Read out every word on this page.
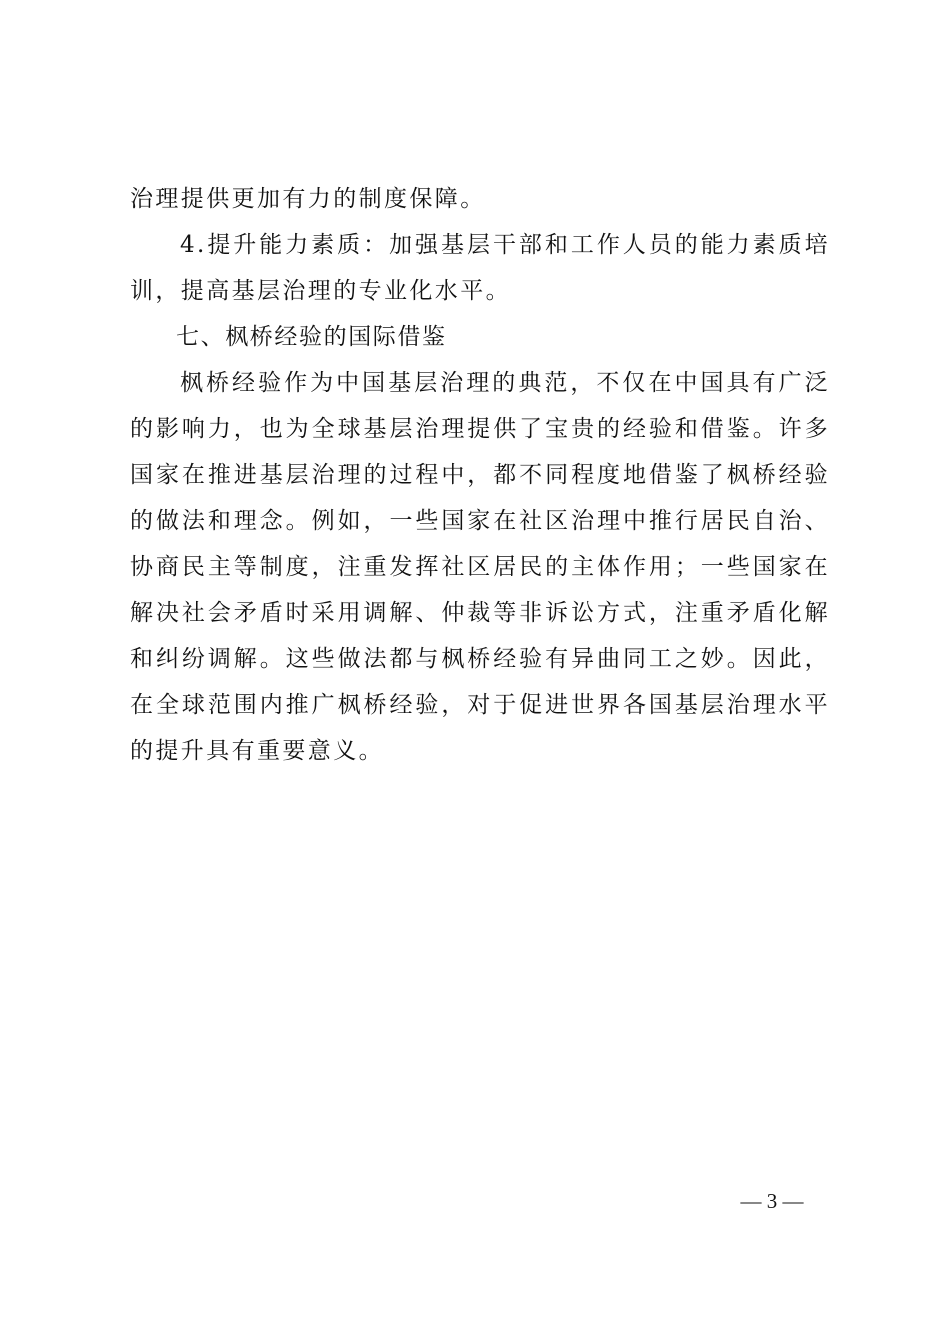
治理提供更加有力的制度保障。

4.提升能力素质：加强基层干部和工作人员的能力素质培训，提高基层治理的专业化水平。

七、枫桥经验的国际借鉴

枫桥经验作为中国基层治理的典范，不仅在中国具有广泛的影响力，也为全球基层治理提供了宝贵的经验和借鉴。许多国家在推进基层治理的过程中，都不同程度地借鉴了枫桥经验的做法和理念。例如，一些国家在社区治理中推行居民自治、协商民主等制度，注重发挥社区居民的主体作用；一些国家在解决社会矛盾时采用调解、仲裁等非诉讼方式，注重矛盾化解和纠纷调解。这些做法都与枫桥经验有异曲同工之妙。因此，在全球范围内推广枫桥经验，对于促进世界各国基层治理水平的提升具有重要意义。

— 3 —
